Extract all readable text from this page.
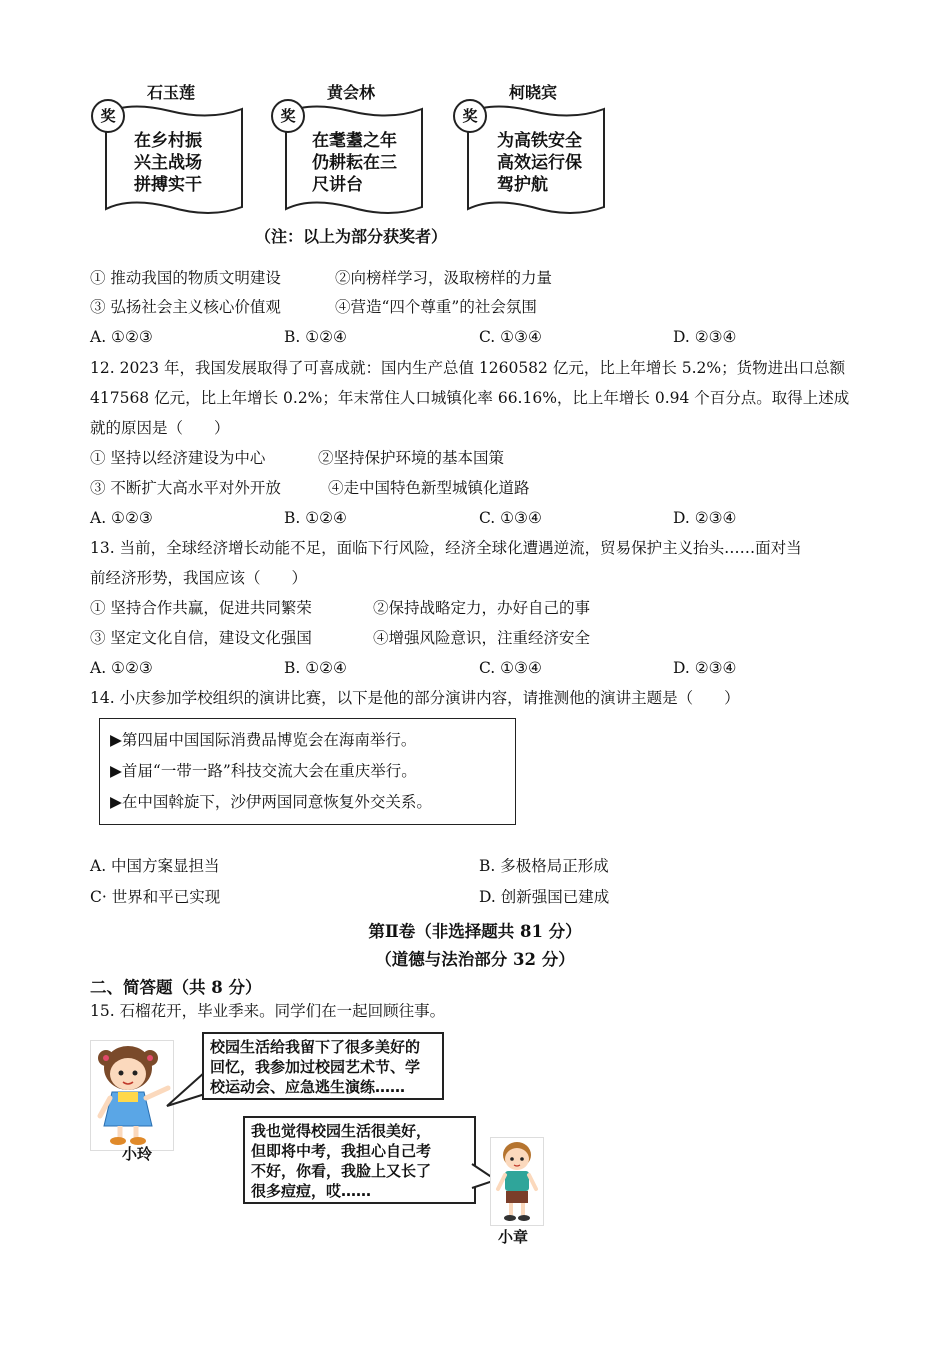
石玉莲
奖
在乡村振
兴主战场
拼搏实干
黄会林
奖
在耄耋之年
仍耕耘在三
尺讲台
柯晓宾
奖
为高铁安全
高效运行保
驾护航
（注：以上为部分获奖者）
① 推动我国的物质文明建设	②向榜样学习，汲取榜样的力量
③ 弘扬社会主义核心价值观	④营造“四个尊重”的社会氛围
A. ①②③	B. ①②④	C. ①③④	D. ②③④
12. 2023 年，我国发展取得了可喜成就：国内生产总值 1260582 亿元，比上年增长 5.2%；货物进出口总额
417568 亿元，比上年增长 0.2%；年末常住人口城镇化率 66.16%，比上年增长 0.94 个百分点。取得上述成
就的原因是（　　）
① 坚持以经济建设为中心	②坚持保护环境的基本国策
③ 不断扩大高水平对外开放	④走中国特色新型城镇化道路
A. ①②③	B. ①②④	C. ①③④	D. ②③④
13. 当前，全球经济增长动能不足，面临下行风险，经济全球化遭遇逆流，贸易保护主义抬头……面对当
前经济形势，我国应该（　　）
① 坚持合作共赢，促进共同繁荣	②保持战略定力，办好自己的事
③ 坚定文化自信，建设文化强国	④增强风险意识，注重经济安全
A. ①②③	B. ①②④	C. ①③④	D. ②③④
14. 小庆参加学校组织的演讲比赛，以下是他的部分演讲内容，请推测他的演讲主题是（　　）
▶第四届中国国际消费品博览会在海南举行。
▶首届“一带一路”科技交流大会在重庆举行。
▶在中国斡旋下，沙伊两国同意恢复外交关系。
A. 中国方案显担当	B. 多极格局正形成
C· 世界和平已实现	D. 创新强国已建成
第Ⅱ卷（非选择题共 81 分）
（道德与法治部分 32 分）
二、简答题（共 8 分）
15. 石榴花开，毕业季来。同学们在一起回顾往事。
小玲
校园生活给我留下了很多美好的
回忆，我参加过校园艺术节、学
校运动会、应急逃生演练……
我也觉得校园生活很美好，
但即将中考，我担心自己考
不好，你看，我脸上又长了
很多痘痘，哎……
小章
